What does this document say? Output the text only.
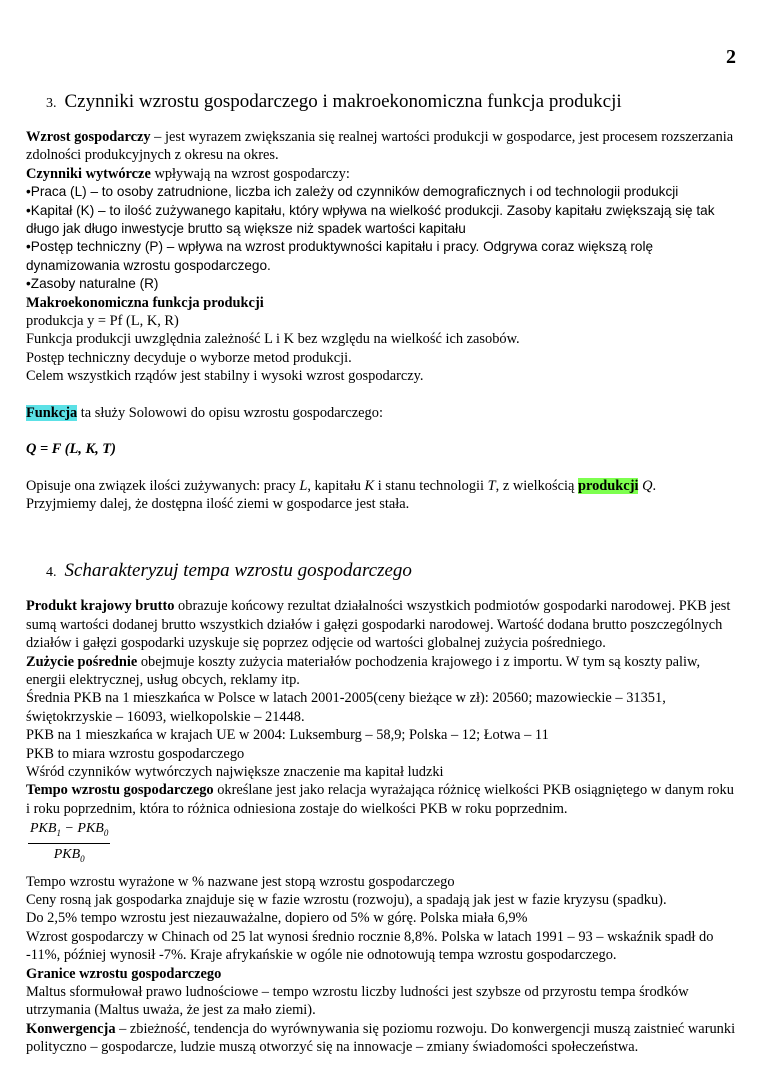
2
3. Czynniki wzrostu gospodarczego i makroekonomiczna funkcja produkcji

Wzrost gospodarczy – jest wyrazem zwiększania się realnej wartości produkcji w gospodarce, jest procesem rozszerzania zdolności produkcyjnych z okresu na okres.

Czynniki wytwórcze wpływają na wzrost gospodarczy:

•Praca (L) – to osoby zatrudnione, liczba ich zależy od czynników demograficznych i od technologii produkcji

•Kapitał (K) – to ilość zużywanego kapitału, który wpływa na wielkość produkcji. Zasoby kapitału zwiększają się tak długo jak długo inwestycje brutto są większe niż spadek wartości kapitału

•Postęp techniczny (P) – wpływa na wzrost produktywności kapitału i pracy. Odgrywa coraz większą rolę dynamizowania wzrostu gospodarczego.

•Zasoby naturalne (R)

Makroekonomiczna funkcja produkcji

produkcja y = Pf (L, K, R)

Funkcja produkcji uwzględnia zależność L i K bez względu na wielkość ich zasobów.

Postęp techniczny decyduje o wyborze metod produkcji.

Celem wszystkich rządów jest stabilny i wysoki wzrost gospodarczy.

Funkcja ta służy Solowowi do opisu wzrostu gospodarczego:

Q = F (L, K, T)

Opisuje ona związek ilości zużywanych: pracy L, kapitału K i stanu technologii T, z wielkością produkcji Q.

Przyjmiemy dalej, że dostępna ilość ziemi w gospodarce jest stała.

4. Scharakteryzuj tempa wzrostu gospodarczego

Produkt krajowy brutto obrazuje końcowy rezultat działalności wszystkich podmiotów gospodarki narodowej. PKB jest sumą wartości dodanej brutto wszystkich działów i gałęzi gospodarki narodowej. Wartość dodana brutto poszczególnych działów i gałęzi gospodarki uzyskuje się poprzez odjęcie od wartości globalnej zużycia pośredniego.

Zużycie pośrednie obejmuje koszty zużycia materiałów pochodzenia krajowego i z importu. W tym są koszty paliw, energii elektrycznej, usług obcych, reklamy itp.

Średnia PKB na 1 mieszkańca w Polsce w latach 2001-2005(ceny bieżące w zł): 20560; mazowieckie – 31351, świętokrzyskie – 16093, wielkopolskie – 21448.

PKB na 1 mieszkańca w krajach UE w 2004: Luksemburg – 58,9; Polska – 12; Łotwa – 11

PKB to miara wzrostu gospodarczego

Wśród czynników wytwórczych największe znaczenie ma kapitał ludzki

Tempo wzrostu gospodarczego określane jest jako relacja wyrażająca różnicę wielkości PKB osiągniętego w danym roku i roku poprzednim, która to różnica odniesiona zostaje do wielkości PKB w roku poprzednim.

$\frac{PKB_1 - PKB_0}{PKB_0}$

Tempo wzrostu wyrażone w % nazwane jest stopą wzrostu gospodarczego

Ceny rosną jak gospodarka znajduje się w fazie wzrostu (rozwoju), a spadają jak jest w fazie kryzysu (spadku).

Do 2,5% tempo wzrostu jest niezauważalne, dopiero od 5% w górę. Polska miała 6,9%

Wzrost gospodarczy w Chinach od 25 lat wynosi średnio rocznie 8,8%. Polska w latach 1991 – 93 – wskaźnik spadł do -11%, później wynosił -7%. Kraje afrykańskie w ogóle nie odnotowują tempa wzrostu gospodarczego.

Granice wzrostu gospodarczego

Maltus sformułował prawo ludnościowe – tempo wzrostu liczby ludności jest szybsze od przyrostu tempa środków utrzymania (Maltus uważa, że jest za mało ziemi).

Konwergencja – zbieżność, tendencja do wyrównywania się poziomu rozwoju. Do konwergencji muszą zaistnieć warunki polityczno – gospodarcze, ludzie muszą otworzyć się na innowacje – zmiany świadomości społeczeństwa.
